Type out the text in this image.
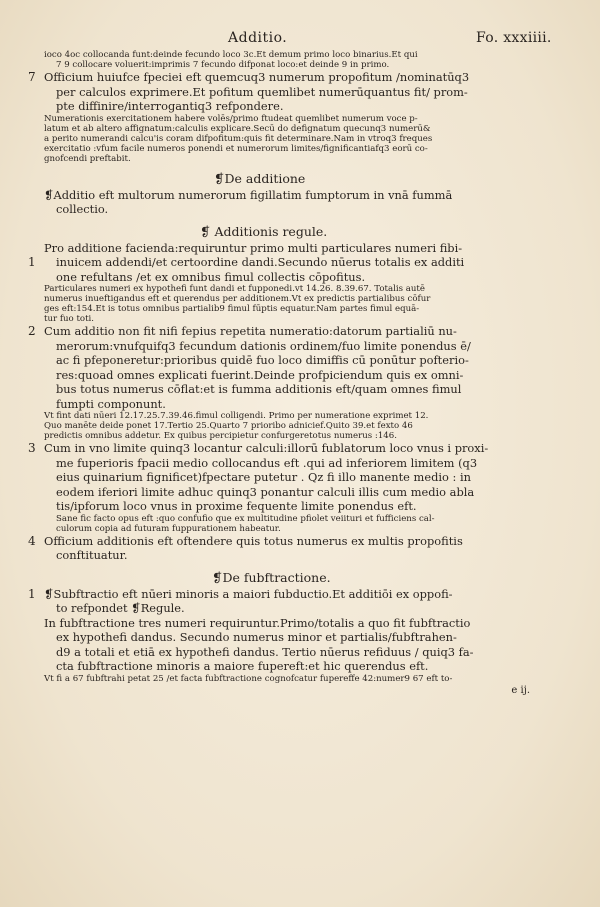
Additio.	Fo. xxxiiii.
ioco 4oc collocanda funt:deinde fecundo loco 3c.Et demum primo loco binarius.Et qui
7 9 collocare voluerit:imprimis 7 fecundo difponat loco:et deinde 9 in primo.
7 Officium huiufce fpeciei eft quemcuq3 numerum propofitum /nominatūq3
per calculos exprimere.Et pofitum quemlibet numerūquantus fit/ prom-
pte diffinire/interrogantiq3 refpondere.
Numerationis exercitationem habere volēs/primo ftudeat quemlibet numerum voce p-
latum et ab altero affignatum:calculis explicare.Secū do defignatum quecunq3 numerū&
a perito numerandi calcu'is coram difpofitum:quis fit determinare.Nam in vtroq3 freques
exercitatio :vfum facile numeros ponendi et numerorum limites/fignificantiafq3 eorū co-
gnofcendi preftabit.
❡De additione
❡Additio eft multorum numerorum figillatim fumptorum in vnā fummā
collectio.
❡ Additionis regule.
Pro additione facienda:requiruntur primo multi particulares numeri fibi-
1 inuicem addendi/et certoordine dandi.Secundo nūerus totalis ex additi
one refultans /et ex omnibus fimul collectis cōpofitus.
Particulares numeri ex hypothefi funt dandi et fupponedi.vt 14.26. 8.39.67. Totalis autē
numerus inueftigandus eft et querendus per additionem.Vt ex predictis partialibus cōfur
ges eft:154.Et is totus omnibus partialib9 fimul fūptis equatur.Nam partes fimul equā-
tur fuo toti.
2 Cum additio non fit nifi fepius repetita numeratio:datorum partialiū nu-
merorum:vnufquifq3 fecundum dationis ordinem/fuo limite ponendus ē/
ac fi pfeponeretur:prioribus quidē fuo loco dimiffis cū ponūtur pofterio-
res:quoad omnes explicati fuerint.Deinde profpiciendum quis ex omni-
bus totus numerus cōflat:et is fumma additionis eft/quam omnes fimul
fumpti componunt.
Vt fint dati nūeri 12.17.25.7.39.46.fimul colligendi. Primo per numeratione exprimet 12.
Quo manēte deide ponet 17.Tertio 25.Quarto 7 prioribo adnicief.Quito 39.et fexto 46
predictis omnibus addetur. Ex quibus percipietur confurgeretotus numerus :146.
3 Cum in vno limite quinq3 locantur calculi:illorū fublatorum loco vnus i proxi-
me fuperioris fpacii medio collocandus eft .qui ad inferiorem limitem (q3
eius quinarium fignificet)fpectare putetur . Qz fi illo manente medio : in
eodem iferiori limite adhuc quinq3 ponantur calculi illis cum medio abla
tis/ipforum loco vnus in proxime fequente limite ponendus eft.
Sane fic facto opus eft :quo confufio que ex multitudine pfiolet veiituri et fufficiens cal-
culorum copia ad futuram fuppurationem habeatur.
4 Officium additionis eft oftendere quis totus numerus ex multis propofitis
conftituatur.
❡De fubftractione.
1 ❡Subftractio eft nūeri minoris a maiori fubductio.Et additiōi ex oppofi-
to refpondet ❡Regule.
In fubftractione tres numeri requiruntur.Primo/totalis a quo fit fubftractio
ex hypothefi dandus. Secundo numerus minor et partialis/fubftrahen-
d9 a totali et etiā ex hypothefi dandus. Tertio nūerus refiduus / quiq3 fa-
cta fubftractione minoris a maiore fupereft:et hic querendus eft.
Vt fi a 67 fubftrahi petat 25 /et facta fubftractione cognofcatur fupereffe 42:numer9 67 eft to-
e ij.
